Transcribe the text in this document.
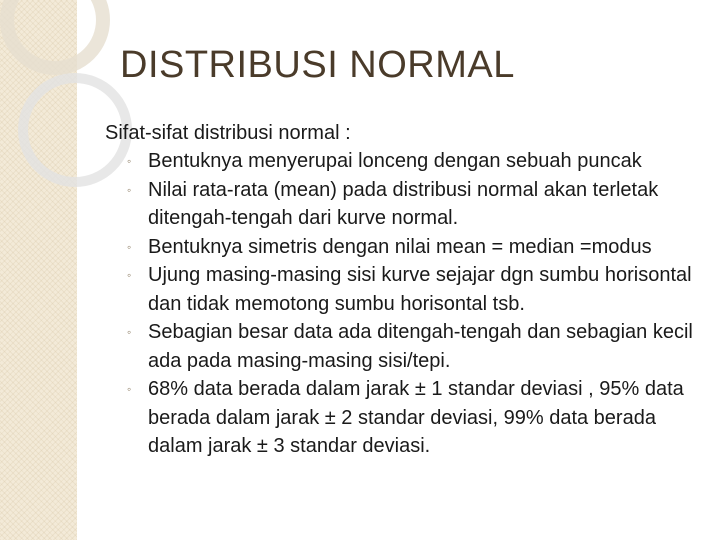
DISTRIBUSI NORMAL

Sifat-sifat distribusi normal :

◦ Bentuknya menyerupai lonceng dengan sebuah puncak
◦ Nilai rata-rata (mean) pada distribusi normal akan terletak ditengah-tengah dari kurve normal.
◦ Bentuknya simetris dengan nilai mean = median =modus
◦ Ujung masing-masing sisi kurve sejajar dgn sumbu horisontal dan tidak memotong sumbu horisontal tsb.
◦ Sebagian besar data ada ditengah-tengah dan sebagian kecil ada pada masing-masing sisi/tepi.
◦ 68% data berada dalam jarak ± 1 standar deviasi , 95% data berada dalam jarak ± 2 standar deviasi, 99% data berada dalam jarak ± 3 standar deviasi.
